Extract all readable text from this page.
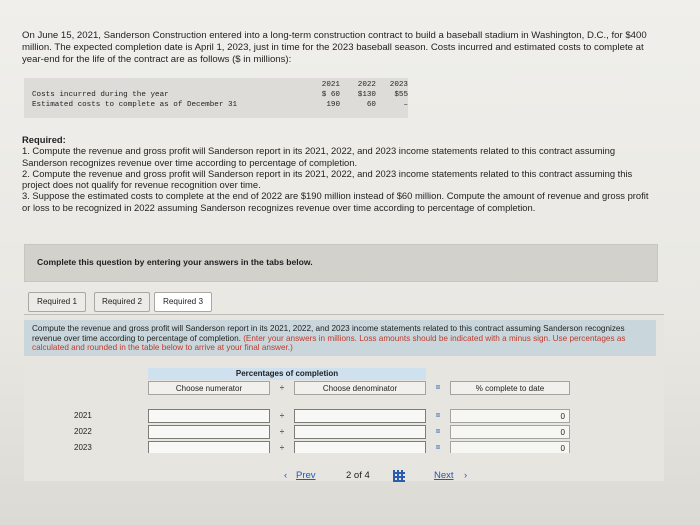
On June 15, 2021, Sanderson Construction entered into a long-term construction contract to build a baseball stadium in Washington, D.C., for $400 million. The expected completion date is April 1, 2023, just in time for the 2023 baseball season. Costs incurred and estimated costs to complete at year-end for the life of the contract are as follows ($ in millions):
2021	2022	2023
Costs incurred during the year	$ 60	$130	$55
Estimated costs to complete as of December 31	190	60	–
Required:
1. Compute the revenue and gross profit will Sanderson report in its 2021, 2022, and 2023 income statements related to this contract assuming Sanderson recognizes revenue over time according to percentage of completion.
2. Compute the revenue and gross profit will Sanderson report in its 2021, 2022, and 2023 income statements related to this contract assuming this project does not qualify for revenue recognition over time.
3. Suppose the estimated costs to complete at the end of 2022 are $190 million instead of $60 million. Compute the amount of revenue and gross profit or loss to be recognized in 2022 assuming Sanderson recognizes revenue over time according to percentage of completion.
Complete this question by entering your answers in the tabs below.
Required 1	Required 2	Required 3
Compute the revenue and gross profit will Sanderson report in its 2021, 2022, and 2023 income statements related to this contract assuming Sanderson recognizes revenue over time according to percentage of completion. (Enter your answers in millions. Loss amounts should be indicated with a minus sign. Use percentages as calculated and rounded in the table below to arrive at your final answer.)
Percentages of completion
Choose numerator	÷	Choose denominator	=	% complete to date
2021	÷	=	0
2022	÷	=	0
2023	÷	=	0
‹ Prev	2 of 4	Next ›
